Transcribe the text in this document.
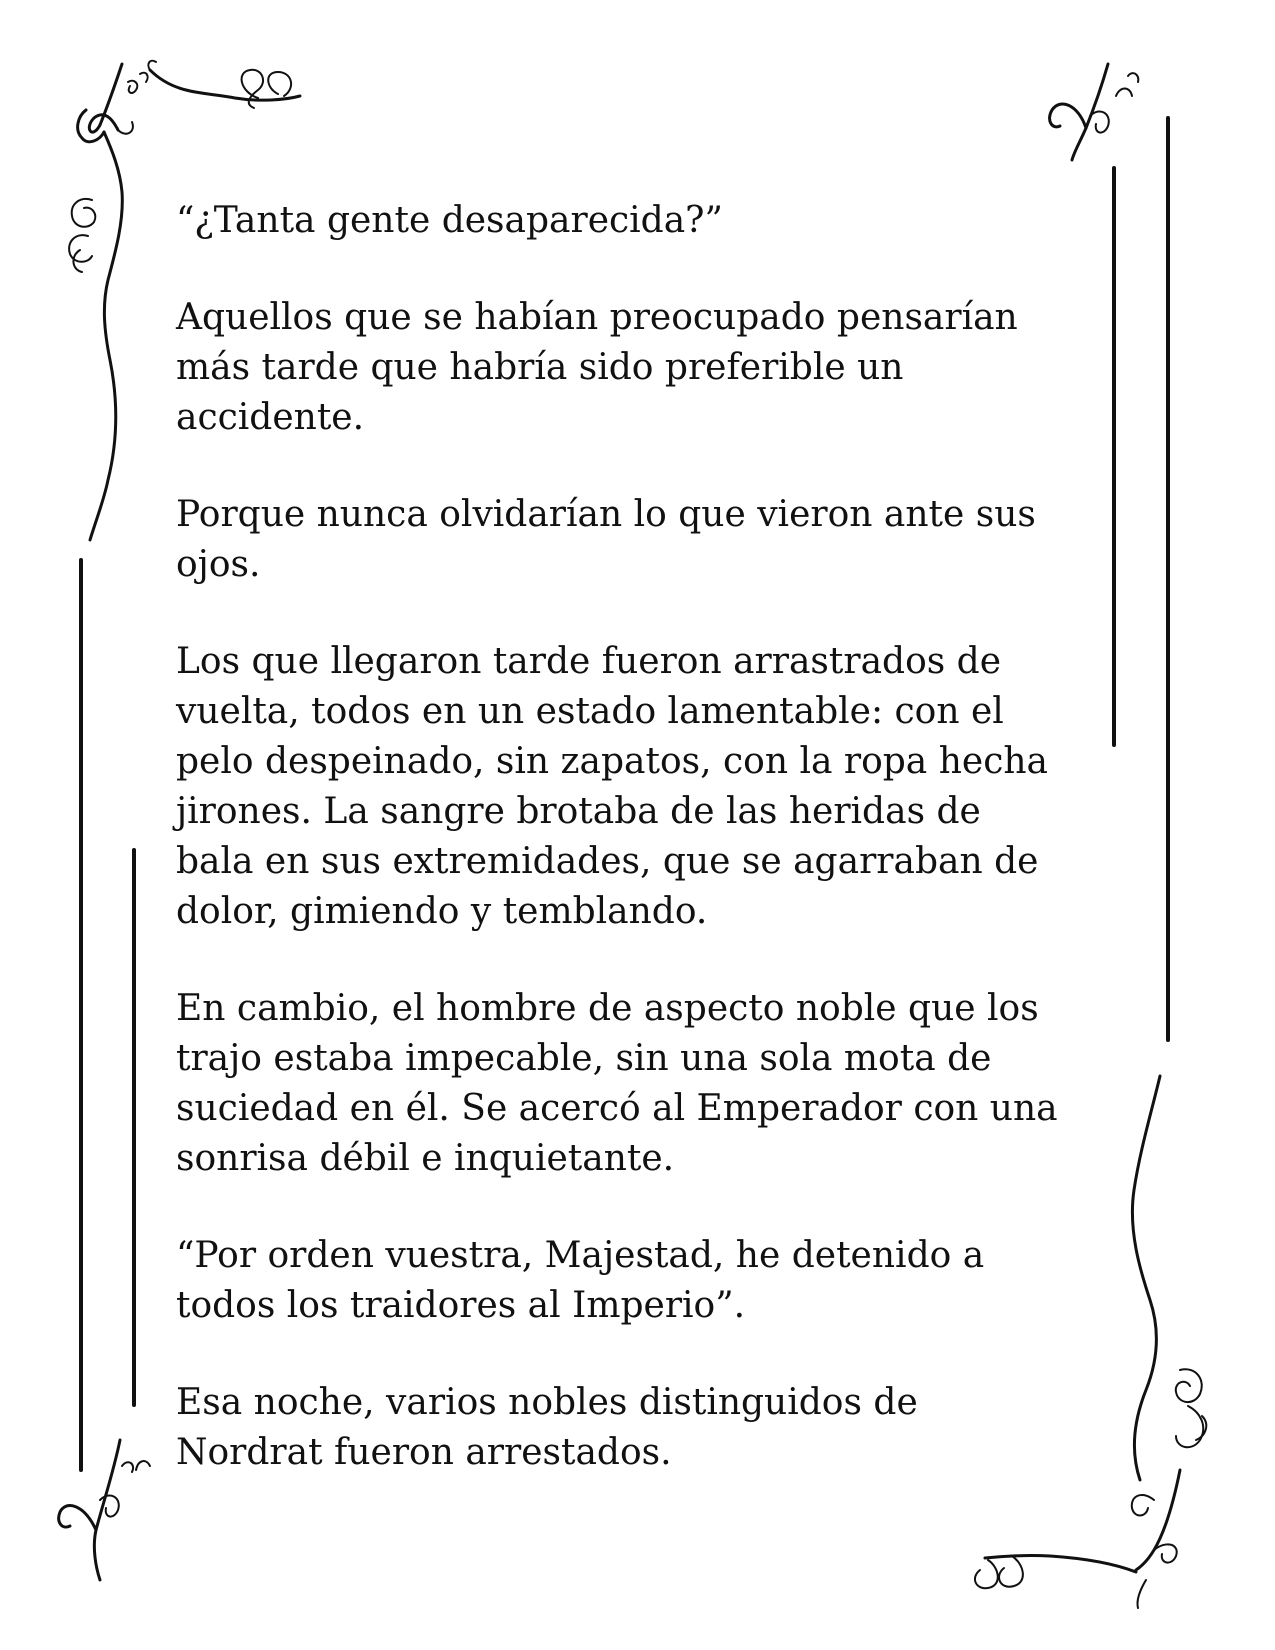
“¿Tanta gente desaparecida?”

Aquellos que se habían preocupado pensarían
más tarde que habría sido preferible un
accidente.

Porque nunca olvidarían lo que vieron ante sus
ojos.

Los que llegaron tarde fueron arrastrados de
vuelta, todos en un estado lamentable: con el
pelo despeinado, sin zapatos, con la ropa hecha
jirones. La sangre brotaba de las heridas de
bala en sus extremidades, que se agarraban de
dolor, gimiendo y temblando.

En cambio, el hombre de aspecto noble que los
trajo estaba impecable, sin una sola mota de
suciedad en él. Se acercó al Emperador con una
sonrisa débil e inquietante.

“Por orden vuestra, Majestad, he detenido a
todos los traidores al Imperio”.

Esa noche, varios nobles distinguidos de
Nordrat fueron arrestados.
